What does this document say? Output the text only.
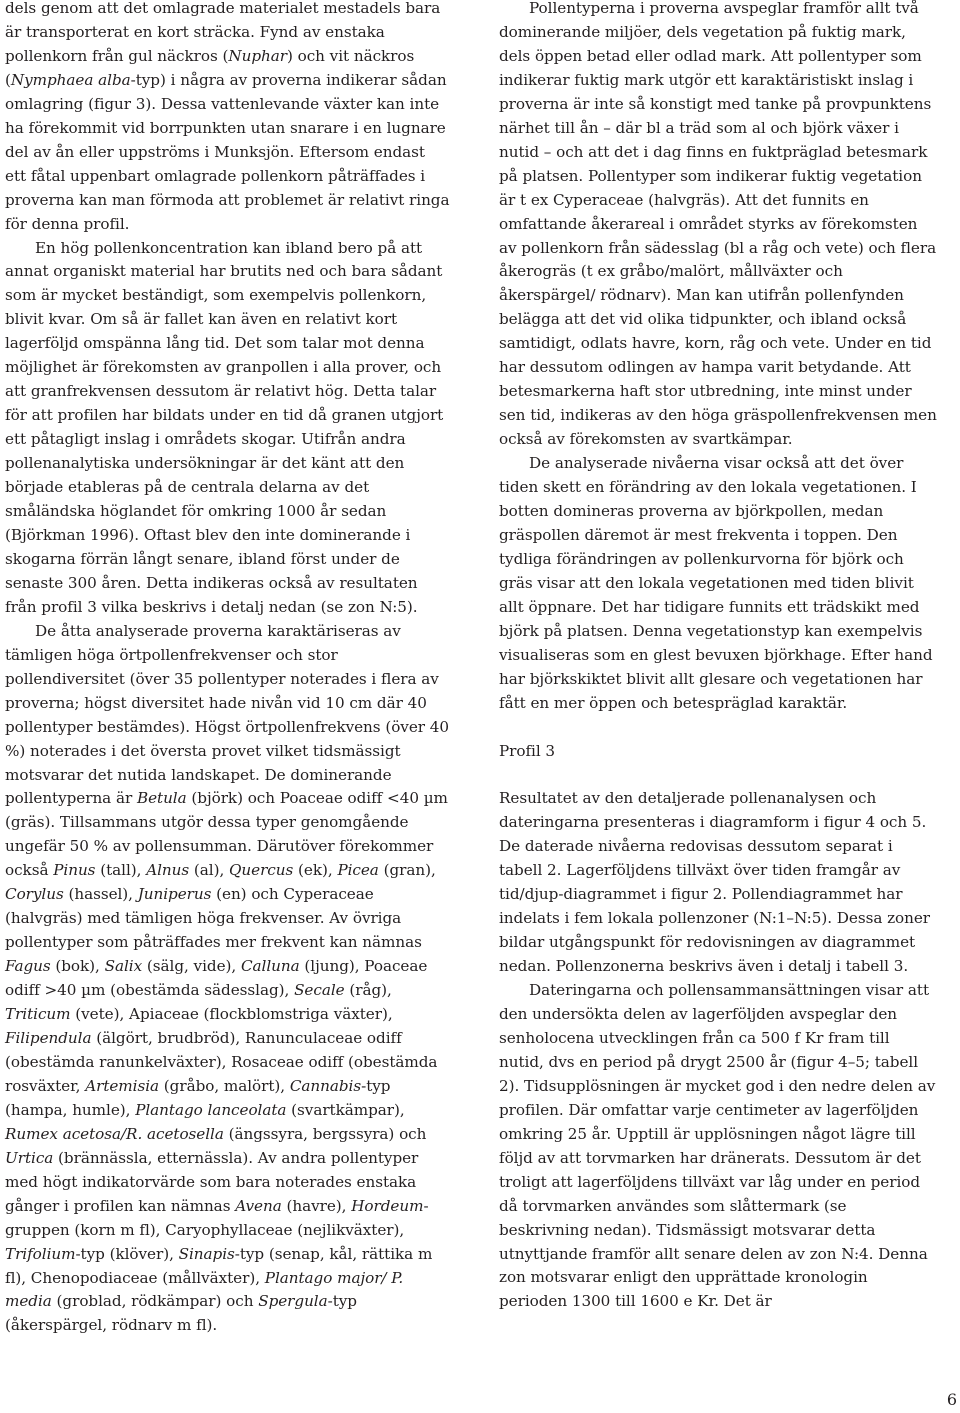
dels genom att det omlagrade materialet mestadels bara är transporterat en kort sträcka. Fynd av enstaka pollenkorn från gul näckros (Nuphar) och vit näckros (Nymphaea alba-typ) i några av proverna indikerar sådan omlagring (figur 3). Dessa vattenlevande växter kan inte ha förekommit vid borrpunkten utan snarare i en lugnare del av ån eller uppströms i Munksjön. Eftersom endast ett fåtal uppenbart omlagrade pollenkorn påträffades i proverna kan man förmoda att problemet är relativt ringa för denna profil.

En hög pollenkoncentration kan ibland bero på att annat organiskt material har brutits ned och bara sådant som är mycket beständigt, som exempelvis pollenkorn, blivit kvar. Om så är fallet kan även en relativt kort lagerföljd omspänna lång tid. Det som talar mot denna möjlighet är förekomsten av granpollen i alla prover, och att granfrekvensen dessutom är relativt hög. Detta talar för att profilen har bildats under en tid då granen utgjort ett påtagligt inslag i områdets skogar. Utifrån andra pollenanalytiska undersökningar är det känt att den började etableras på de centrala delarna av det småländska höglandet för omkring 1000 år sedan (Björkman 1996). Oftast blev den inte dominerande i skogarna förrän långt senare, ibland först under de senaste 300 åren. Detta indikeras också av resultaten från profil 3 vilka beskrivs i detalj nedan (se zon N:5).

De åtta analyserade proverna karaktäriseras av tämligen höga örtpollenfrekvenser och stor pollendiversitet (över 35 pollentyper noterades i flera av proverna; högst diversitet hade nivån vid 10 cm där 40 pollentyper bestämdes). Högst örtpollenfrekvens (över 40 %) noterades i det översta provet vilket tidsmässigt motsvarar det nutida landskapet. De dominerande pollentyperna är Betula (björk) och Poaceae odiff <40 µm (gräs). Tillsammans utgör dessa typer genomgående ungefär 50 % av pollensumman. Därutöver förekommer också Pinus (tall), Alnus (al), Quercus (ek), Picea (gran), Corylus (hassel), Juniperus (en) och Cyperaceae (halvgräs) med tämligen höga frekvenser. Av övriga pollentyper som påträffades mer frekvent kan nämnas Fagus (bok), Salix (sälg, vide), Calluna (ljung), Poaceae odiff >40 µm (obestämda sädesslag), Secale (råg), Triticum (vete), Apiaceae (flockblomstriga växter), Filipendula (älgört, brudbröd), Ranunculaceae odiff (obestämda ranunkelväxter), Rosaceae odiff (obestämda rosväxter, Artemisia (gråbo, malört), Cannabis-typ (hampa, humle), Plantago lanceolata (svartkämpar), Rumex acetosa/R. acetosella (ängssyra, bergssyra) och Urtica (brännässla, etternässla). Av andra pollentyper med högt indikatorvärde som bara noterades enstaka gånger i profilen kan nämnas Avena (havre), Hordeum-gruppen (korn m fl), Caryophyllaceae (nejlikväxter), Trifolium-typ (klöver), Sinapis-typ (senap, kål, rättika m fl), Chenopodiaceae (mållväxter), Plantago major/ P. media (groblad, rödkämpar) och Spergula-typ (åkerspärgel, rödnarv m fl).

Pollentyperna i proverna avspeglar framför allt två dominerande miljöer, dels vegetation på fuktig mark, dels öppen betad eller odlad mark. Att pollentyper som indikerar fuktig mark utgör ett karaktäristiskt inslag i proverna är inte så konstigt med tanke på provpunktens närhet till ån – där bl a träd som al och björk växer i nutid – och att det i dag finns en fuktpräglad betesmark på platsen. Pollentyper som indikerar fuktig vegetation är t ex Cyperaceae (halvgräs). Att det funnits en omfattande åkerareal i området styrks av förekomsten av pollenkorn från sädesslag (bl a råg och vete) och flera åkerogräs (t ex gråbo/malört, mållväxter och åkerspärgel/ rödnarv). Man kan utifrån pollenfynden belägga att det vid olika tidpunkter, och ibland också samtidigt, odlats havre, korn, råg och vete. Under en tid har dessutom odlingen av hampa varit betydande. Att betesmarkerna haft stor utbredning, inte minst under sen tid, indikeras av den höga gräspollenfrekvensen men också av förekomsten av svartkämpar.

De analyserade nivåerna visar också att det över tiden skett en förändring av den lokala vegetationen. I botten domineras proverna av björkpollen, medan gräspollen däremot är mest frekventa i toppen. Den tydliga förändringen av pollenkurvorna för björk och gräs visar att den lokala vegetationen med tiden blivit allt öppnare. Det har tidigare funnits ett trädskikt med björk på platsen. Denna vegetationstyp kan exempelvis visualiseras som en glest bevuxen björkhage. Efter hand har björkskiktet blivit allt glesare och vegetationen har fått en mer öppen och betespräglad karaktär.

Profil 3

Resultatet av den detaljerade pollenanalysen och dateringarna presenteras i diagramform i figur 4 och 5. De daterade nivåerna redovisas dessutom separat i tabell 2. Lagerföljdens tillväxt över tiden framgår av tid/djup-diagrammet i figur 2. Pollendiagrammet har indelats i fem lokala pollenzoner (N:1–N:5). Dessa zoner bildar utgångspunkt för redovisningen av diagrammet nedan. Pollenzonerna beskrivs även i detalj i tabell 3.

Dateringarna och pollensammansättningen visar att den undersökta delen av lagerföljden avspeglar den senholocena utvecklingen från ca 500 f Kr fram till nutid, dvs en period på drygt 2500 år (figur 4–5; tabell 2). Tidsupplösningen är mycket god i den nedre delen av profilen. Där omfattar varje centimeter av lagerföljden omkring 25 år. Upptill är upplösningen något lägre till följd av att torvmarken har dränerats. Dessutom är det troligt att lagerföljdens tillväxt var låg under en period då torvmarken användes som slåttermark (se beskrivning nedan). Tidsmässigt motsvarar detta utnyttjande framför allt senare delen av zon N:4. Denna zon motsvarar enligt den upprättade kronologin perioden 1300 till 1600 e Kr. Det är

6
